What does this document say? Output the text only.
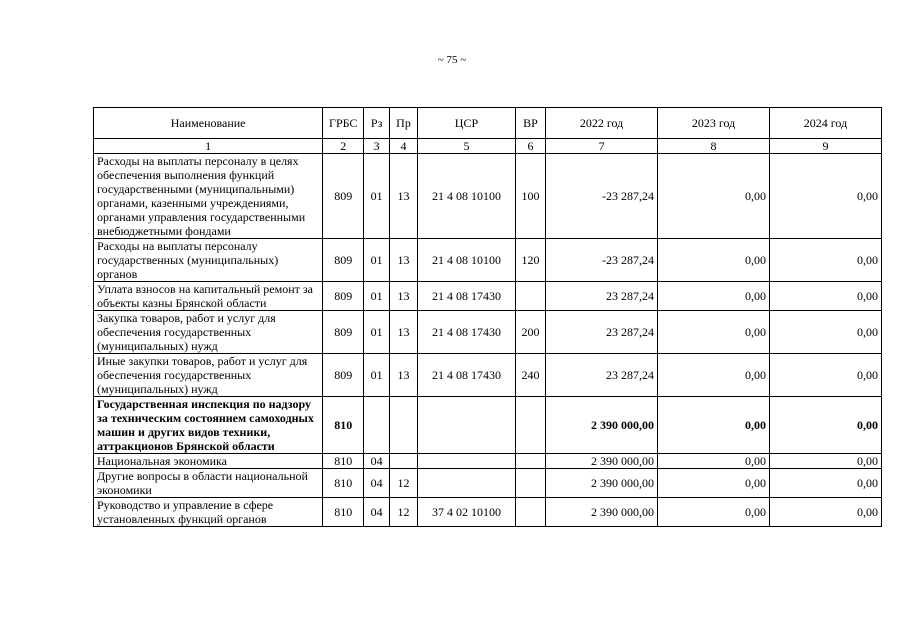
~ 75 ~
Наименование	ГРБС	Рз	Пр	ЦСР	ВР	2022 год	2023 год	2024 год
1	2	3	4	5	6	7	8	9
Расходы на выплаты персоналу в целях обеспечения выполнения функций государственными (муниципальными) органами, казенными учреждениями, органами управления государственными внебюджетными фондами	809	01	13	21 4 08 10100	100	-23 287,24	0,00	0,00
Расходы на выплаты персоналу государственных (муниципальных) органов	809	01	13	21 4 08 10100	120	-23 287,24	0,00	0,00
Уплата взносов на капитальный ремонт за объекты казны Брянской области	809	01	13	21 4 08 17430		23 287,24	0,00	0,00
Закупка товаров, работ и услуг для обеспечения государственных (муниципальных) нужд	809	01	13	21 4 08 17430	200	23 287,24	0,00	0,00
Иные закупки товаров, работ и услуг для обеспечения государственных (муниципальных) нужд	809	01	13	21 4 08 17430	240	23 287,24	0,00	0,00
Государственная инспекция по надзору за техническим состоянием самоходных машин и других видов техники, аттракционов Брянской области	810					2 390 000,00	0,00	0,00
Национальная экономика	810	04				2 390 000,00	0,00	0,00
Другие вопросы в области национальной экономики	810	04	12			2 390 000,00	0,00	0,00
Руководство и управление в сфере установленных функций органов	810	04	12	37 4 02 10100		2 390 000,00	0,00	0,00
